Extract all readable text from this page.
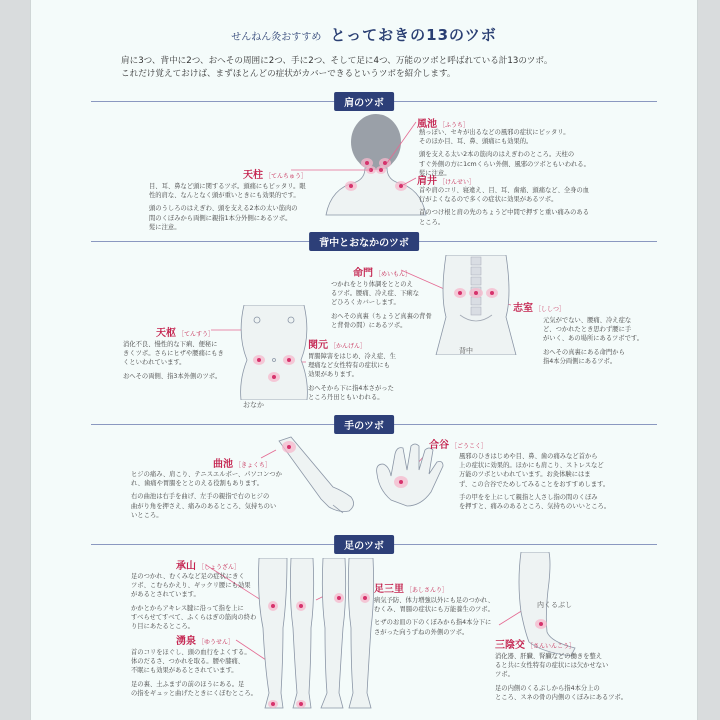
せんねん灸おすすめ とっておきの13のツボ
肩に3つ、背中に2つ、おへその周囲に2つ、手に2つ、そして足に4つ、万能のツボと呼ばれている計13のツボ。
これだけ覚えておけば、まずほとんどの症状がカバーできるというツボを紹介します。
肩のツボ
風池 ［ふうち］
熱っぽい、セキが出るなどの風邪の症状にピッタリ。
そのほか目、耳、鼻、頭痛にも効果的。
頭を支える太い2本の筋肉のはえぎわのところ。天柱の
すぐ外側の方に1cmくらい外側、風邪のツボともいわれる。
髪に注意。
天柱 ［てんちゅう］
目、耳、鼻など頭に関するツボ。頭痛にもピッタリ。眼
性的肩な、なんとなく頭が重いときにも効果的です。
頭のうしろのはえぎわ、頭を支える2本の太い筋肉の
間のくぼみから両側に親指1本分外側にあるツボ。
髪に注意。
肩井 ［けんせい］
首や肩のコリ、寝違え、目、耳、歯痛、頭痛など、全身の血
行がよくなるので多くの症状に効果があるツボ。
首のつけ根と肩の先のちょうど中間で押すと重い痛みのある
ところ。
背中とおなかのツボ
背中
おなか
命門 ［めいもん］
つかれをとり体調をととのえ
るツボ。腰痛、冷え症、下痢な
どひろくカバーします。
おへその真裏（ちょうど真裏の背骨
と背骨の間）にあるツボ。
志室 ［ししつ］
元気がでない、腰痛、冷え症な
ど、つかれたとき思わず腰に手
がいく、あの場所にあるツボです。
おへその真裏にある命門から
指4本分両側にあるツボ。
天枢 ［てんすう］
消化不良、慢性的な下痢、便秘に
きくツボ。さらにヒザや腰痛にもき
くといわれています。
おへその両側、指3本外側のツボ。
関元 ［かんげん］
胃腸障害をはじめ、冷え症、生
理痛など女性特有の症状にも
効果があります。
おへそから下に指4本さがった
ところ丹田ともいわれる。
手のツボ
曲池 ［きょくち］
ヒジの痛み、肩こり、テニスエルボー、パソコンつか
れ、歯痛や胃腸をととのえる役割もあります。
右の曲池は右手を曲げ、左手の親指で右のヒジの
曲がり角を押さえ、痛みのあるところ、気持ちのい
いところ。
合谷 ［ごうこく］
風邪のひきはじめや目、鼻、歯の痛みなど首から
上の症状に効果的。ほかにも肩こり、ストレスなど
万能のツボといわれています。お灸体験にはま
ず、この合谷でためしてみることをおすすめします。
手の甲をを上にして親指と人さし指の間のくぼみ
を押すと、痛みのあるところ、気持ちのいいところ。
足のツボ
内くるぶし
承山 ［しょうざん］
足のつかれ、むくみなど足の症状にきく
ツボ、こむらかえり、ギックリ腰にも効果
があるとされています。
かかとからアキレス腱に沿って指を上に
すべらせてすべて、ふくらはぎの筋肉の終わ
り目にあたるところ。
湧泉 ［ゆうせん］
首のコリをほぐし、頭の血行をよくする。
体のだるさ、つかれを取る。腰や膝痛、
不眠にも効果があるとされています。
足の裏、土ふまずの前のほうにある。足
の指をギュッと曲げたときにくぼむところ。
足三里 ［あしさんり］
病気予防、体力増強以外にも足のつかれ、
むくみ、胃腸の症状にも万能養生のツボ。
ヒザのお皿の下のくぼみから指4本分下に
さがった向うずねの外側のツボ。
三陰交 ［さんいんこう］
消化器、肝臓、腎臓などの働きを整え
ると共に女性特有の症状には欠かせない
ツボ。
足の内側のくるぶしから指4本分上の
ところ、スネの骨の内側のくぼみにあるツボ。
